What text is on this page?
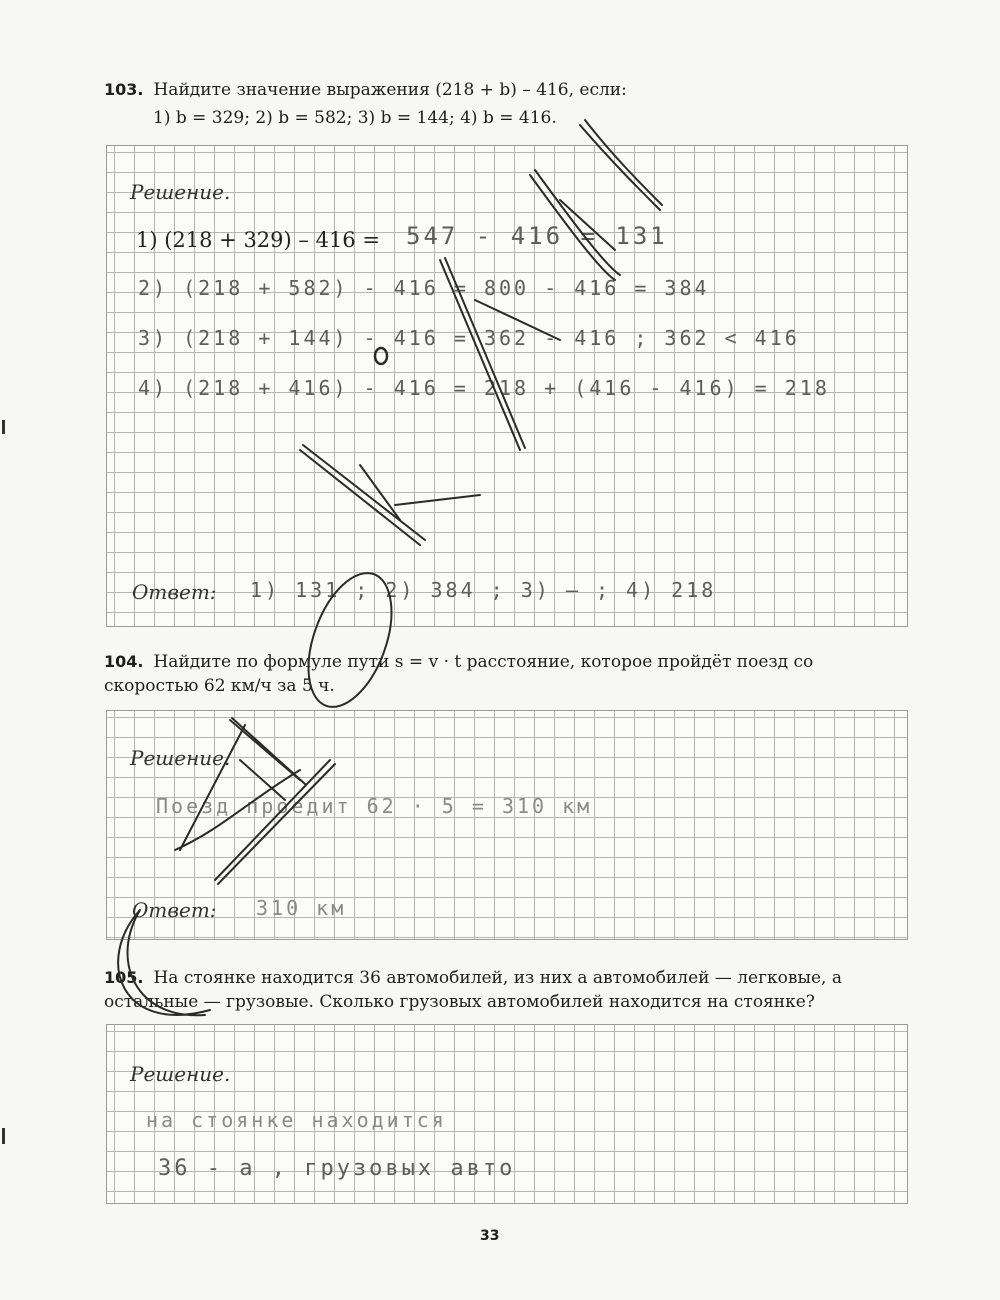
103. Найдите значение выражения (218 + b) – 416, если:
1) b = 329; 2) b = 582; 3) b = 144; 4) b = 416.
Решение.
1) (218 + 329) – 416 = 547 - 416 = 131
2) (218 + 582) - 416 = 800 - 416 = 384
3) (218 + 144) - 416 = 362 - 416 ; 362 < 416
4) (218 + 416) - 416 = 218 + (416 - 416) = 218
Ответ: 1) 131 ; 2) 384 ; 3) — ; 4) 218
104. Найдите по формуле пути s = v · t расстояние, которое пройдёт поезд со скоростью 62 км/ч за 5 ч.
Решение.
Поезд проедит 62 · 5 = 310 км
Ответ: 310 км
105. На стоянке находится 36 автомобилей, из них a автомобилей — легковые, а остальные — грузовые. Сколько грузовых автомобилей находится на стоянке?
Решение.
на стоянке находится
36 - а , грузовых авто
33
